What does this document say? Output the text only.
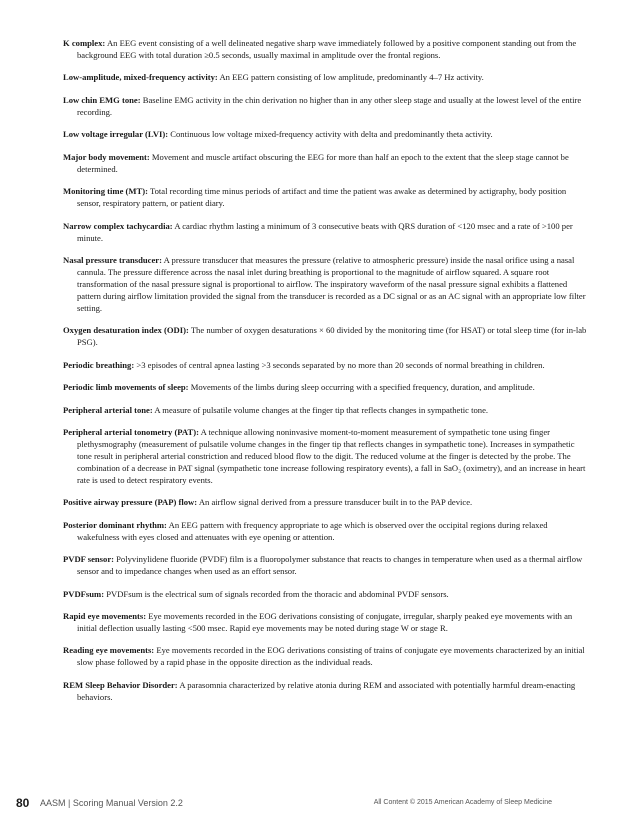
K complex: An EEG event consisting of a well delineated negative sharp wave immediately followed by a positive component standing out from the background EEG with total duration ≥0.5 seconds, usually maximal in amplitude over the frontal regions.

Low-amplitude, mixed-frequency activity: An EEG pattern consisting of low amplitude, predominantly 4–7 Hz activity.

Low chin EMG tone: Baseline EMG activity in the chin derivation no higher than in any other sleep stage and usually at the lowest level of the entire recording.

Low voltage irregular (LVI): Continuous low voltage mixed-frequency activity with delta and predominantly theta activity.

Major body movement: Movement and muscle artifact obscuring the EEG for more than half an epoch to the extent that the sleep stage cannot be determined.

Monitoring time (MT): Total recording time minus periods of artifact and time the patient was awake as determined by actigraphy, body position sensor, respiratory pattern, or patient diary.

Narrow complex tachycardia: A cardiac rhythm lasting a minimum of 3 consecutive beats with QRS duration of <120 msec and a rate of >100 per minute.

Nasal pressure transducer: A pressure transducer that measures the pressure (relative to atmospheric pressure) inside the nasal orifice using a nasal cannula. The pressure difference across the nasal inlet during breathing is proportional to the magnitude of airflow squared. A square root transformation of the nasal pressure signal is proportional to airflow. The inspiratory waveform of the nasal pressure signal exhibits a flattened pattern during airflow limitation provided the signal from the transducer is recorded as a DC signal or as an AC signal with an appropriate low filter setting.

Oxygen desaturation index (ODI): The number of oxygen desaturations × 60 divided by the monitoring time (for HSAT) or total sleep time (for in-lab PSG).

Periodic breathing: >3 episodes of central apnea lasting >3 seconds separated by no more than 20 seconds of normal breathing in children.

Periodic limb movements of sleep: Movements of the limbs during sleep occurring with a specified frequency, duration, and amplitude.

Peripheral arterial tone: A measure of pulsatile volume changes at the finger tip that reflects changes in sympathetic tone.

Peripheral arterial tonometry (PAT): A technique allowing noninvasive moment-to-moment measurement of sympathetic tone using finger plethysmography (measurement of pulsatile volume changes in the finger tip that reflects changes in sympathetic tone). Increases in sympathetic tone result in peripheral arterial constriction and reduced blood flow to the digit. The reduced volume at the finger is detected by the probe. The combination of a decrease in PAT signal (sympathetic tone increase following respiratory events), a fall in SaO₂ (oximetry), and an increase in heart rate is used to detect respiratory events.

Positive airway pressure (PAP) flow: An airflow signal derived from a pressure transducer built in to the PAP device.

Posterior dominant rhythm: An EEG pattern with frequency appropriate to age which is observed over the occipital regions during relaxed wakefulness with eyes closed and attenuates with eye opening or attention.

PVDF sensor: Polyvinylidene fluoride (PVDF) film is a fluoropolymer substance that reacts to changes in temperature when used as a thermal airflow sensor and to impedance changes when used as an effort sensor.

PVDFsum: PVDFsum is the electrical sum of signals recorded from the thoracic and abdominal PVDF sensors.

Rapid eye movements: Eye movements recorded in the EOG derivations consisting of conjugate, irregular, sharply peaked eye movements with an initial deflection usually lasting <500 msec. Rapid eye movements may be noted during stage W or stage R.

Reading eye movements: Eye movements recorded in the EOG derivations consisting of trains of conjugate eye movements characterized by an initial slow phase followed by a rapid phase in the opposite direction as the individual reads.

REM Sleep Behavior Disorder: A parasomnia characterized by relative atonia during REM and associated with potentially harmful dream-enacting behaviors.

80 AASM | Scoring Manual Version 2.2	All Content © 2015 American Academy of Sleep Medicine
